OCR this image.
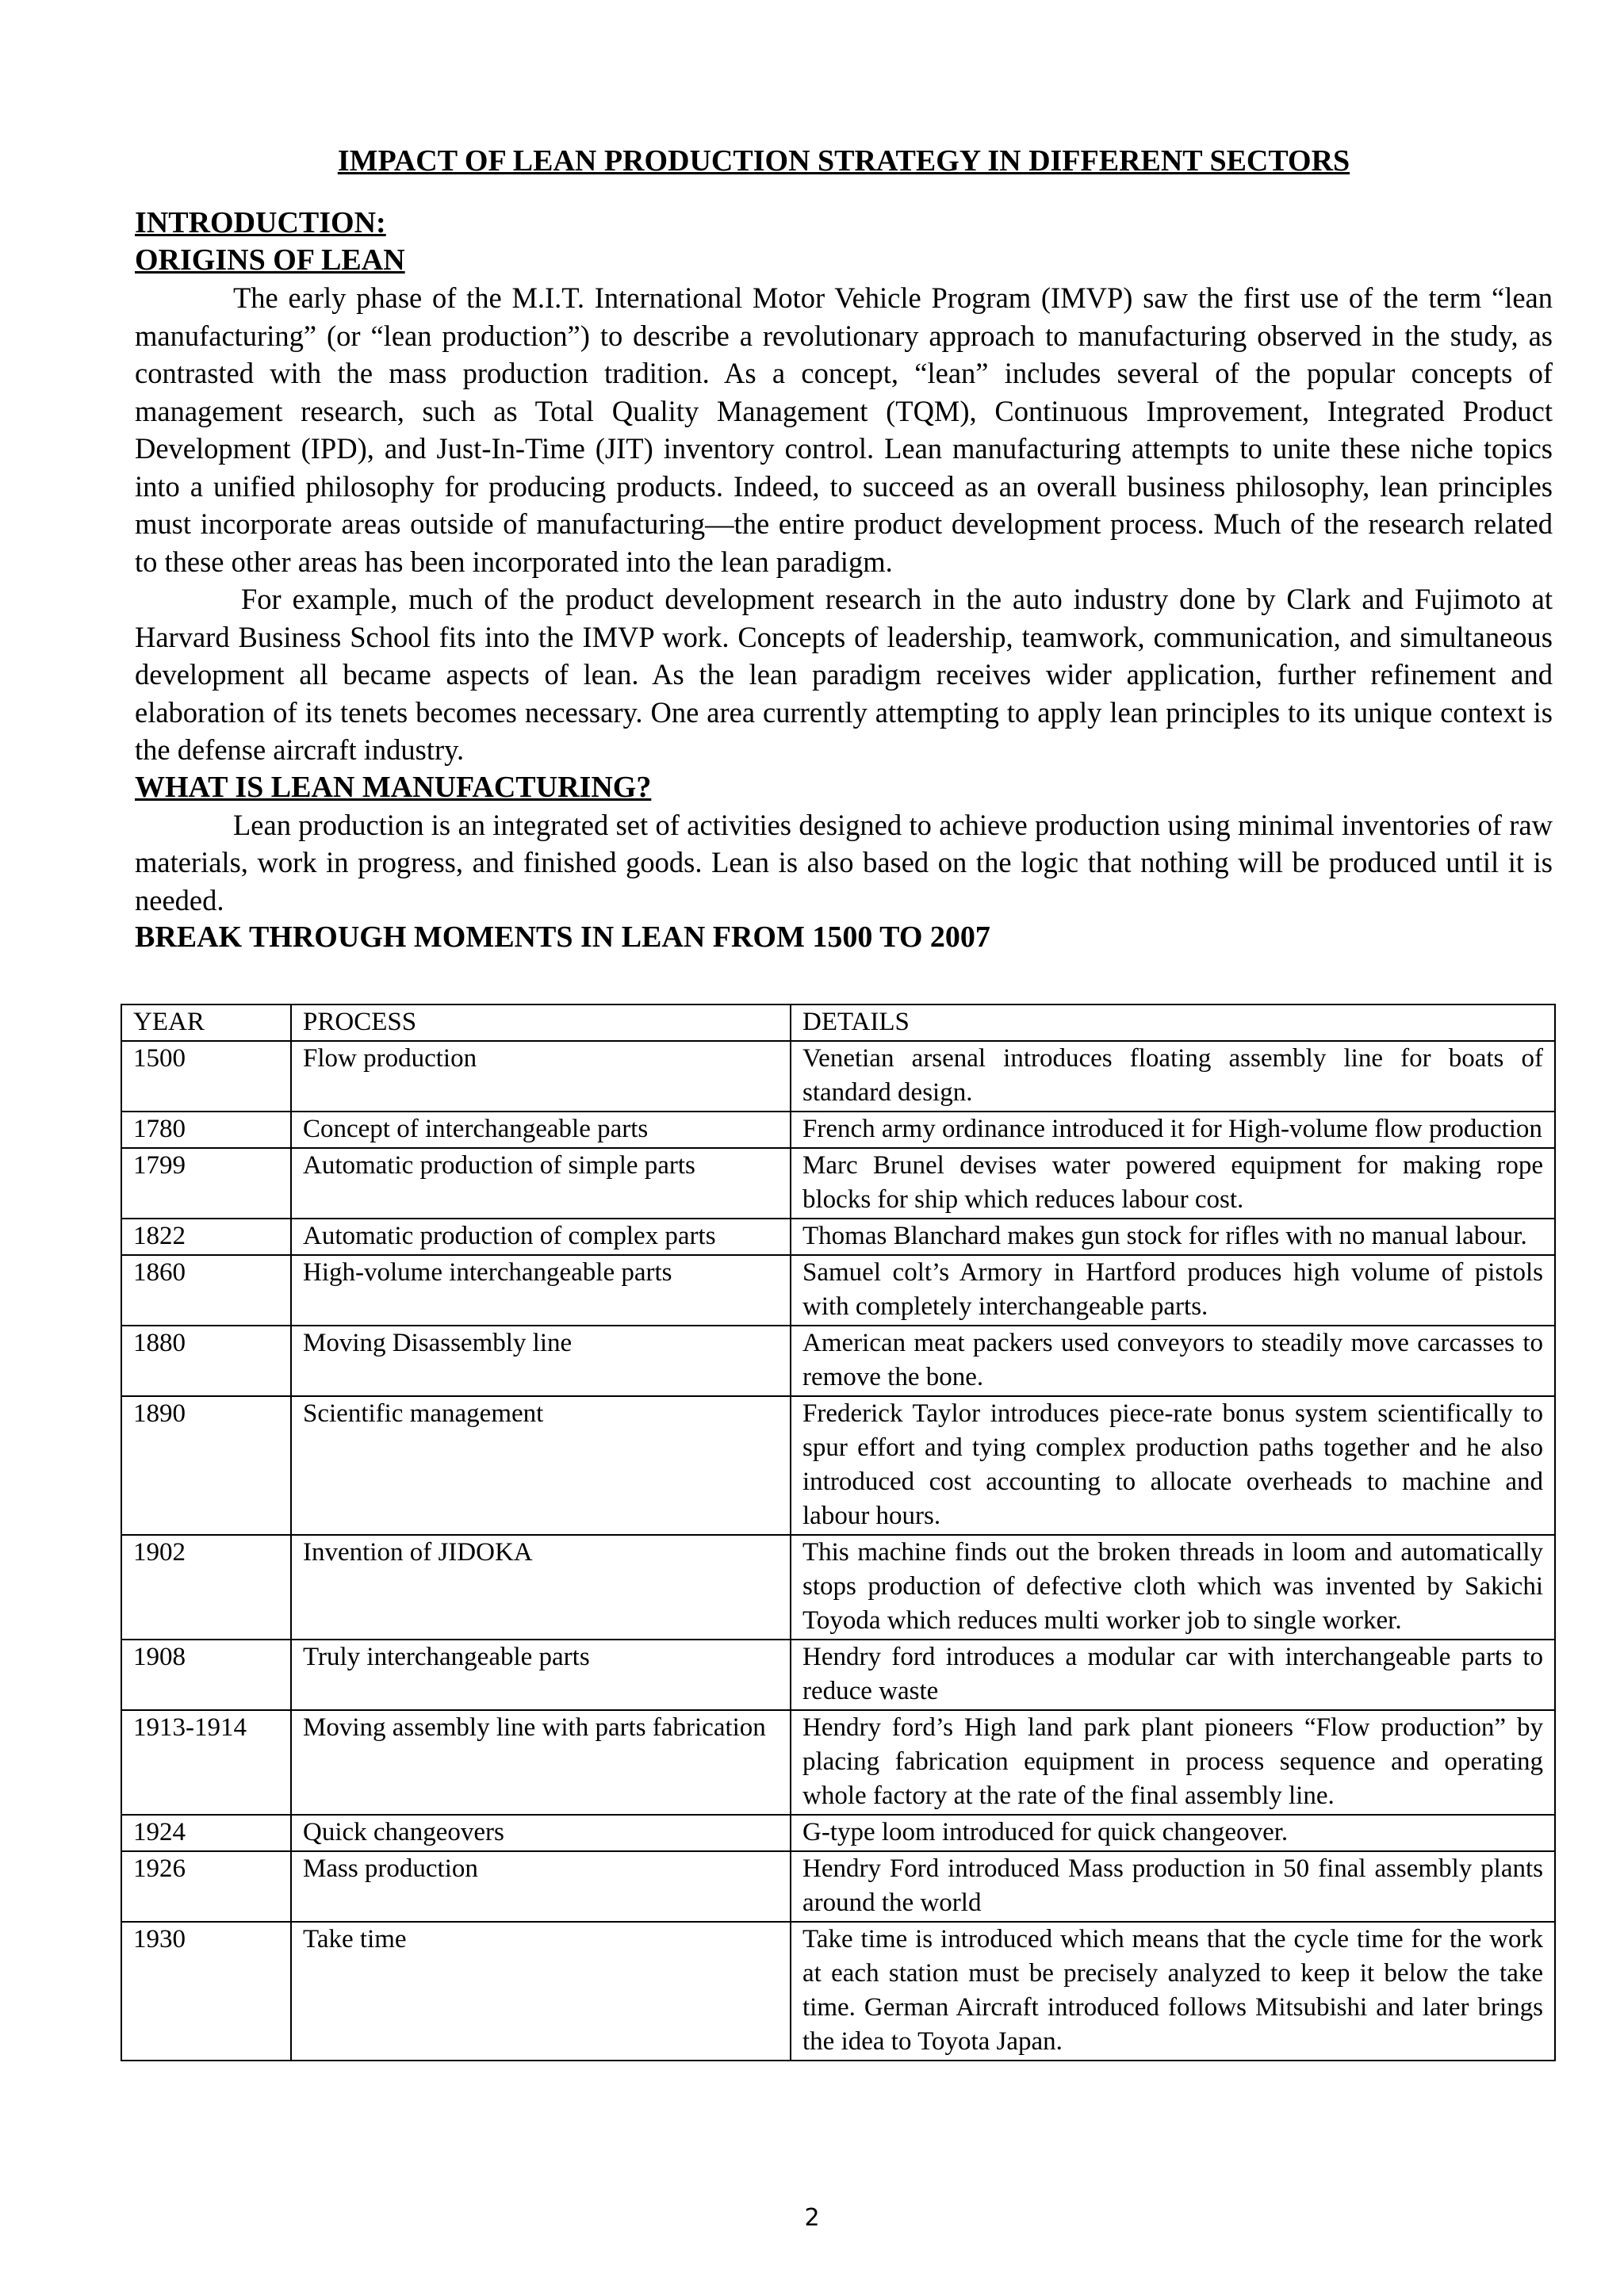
IMPACT OF LEAN PRODUCTION STRATEGY IN DIFFERENT SECTORS
INTRODUCTION:
ORIGINS OF LEAN

The early phase of the M.I.T. International Motor Vehicle Program (IMVP) saw the first use of the term “lean manufacturing” (or “lean production”) to describe a revolutionary approach to manufacturing observed in the study, as contrasted with the mass production tradition. As a concept, “lean” includes several of the popular concepts of management research, such as Total Quality Management (TQM), Continuous Improvement, Integrated Product Development (IPD), and Just-In-Time (JIT) inventory control. Lean manufacturing attempts to unite these niche topics into a unified philosophy for producing products. Indeed, to succeed as an overall business philosophy, lean principles must incorporate areas outside of manufacturing—the entire product development process. Much of the research related to these other areas has been incorporated into the lean paradigm.

For example, much of the product development research in the auto industry done by Clark and Fujimoto at Harvard Business School fits into the IMVP work. Concepts of leadership, teamwork, communication, and simultaneous development all became aspects of lean. As the lean paradigm receives wider application, further refinement and elaboration of its tenets becomes necessary. One area currently attempting to apply lean principles to its unique context is the defense aircraft industry.

WHAT IS LEAN MANUFACTURING?

Lean production is an integrated set of activities designed to achieve production using minimal inventories of raw materials, work in progress, and finished goods. Lean is also based on the logic that nothing will be produced until it is needed.

BREAK THROUGH MOMENTS IN LEAN FROM 1500 TO 2007
YEAR	PROCESS	DETAILS
1500	Flow production	Venetian arsenal introduces floating assembly line for boats of standard design.
1780	Concept of interchangeable parts	French army ordinance introduced it for High-volume flow production
1799	Automatic production of simple parts	Marc Brunel devises water powered equipment for making rope blocks for ship which reduces labour cost.
1822	Automatic production of complex parts	Thomas Blanchard makes gun stock for rifles with no manual labour.
1860	High-volume interchangeable parts	Samuel colt’s Armory in Hartford produces high volume of pistols with completely interchangeable parts.
1880	Moving Disassembly line	American meat packers used conveyors to steadily move carcasses to remove the bone.
1890	Scientific management	Frederick Taylor introduces piece-rate bonus system scientifically to spur effort and tying complex production paths together and he also introduced cost accounting to allocate overheads to machine and labour hours.
1902	Invention of JIDOKA	This machine finds out the broken threads in loom and automatically stops production of defective cloth which was invented by Sakichi Toyoda which reduces multi worker job to single worker.
1908	Truly interchangeable parts	Hendry ford introduces a modular car with interchangeable parts to reduce waste
1913-1914	Moving assembly line with parts fabrication	Hendry ford’s High land park plant pioneers “Flow production” by placing fabrication equipment in process sequence and operating whole factory at the rate of the final assembly line.
1924	Quick changeovers	G-type loom introduced for quick changeover.
1926	Mass production	Hendry Ford introduced Mass production in 50 final assembly plants around the world
1930	Take time	Take time is introduced which means that the cycle time for the work at each station must be precisely analyzed to keep it below the take time. German Aircraft introduced follows Mitsubishi and later brings the idea to Toyota Japan.
2
